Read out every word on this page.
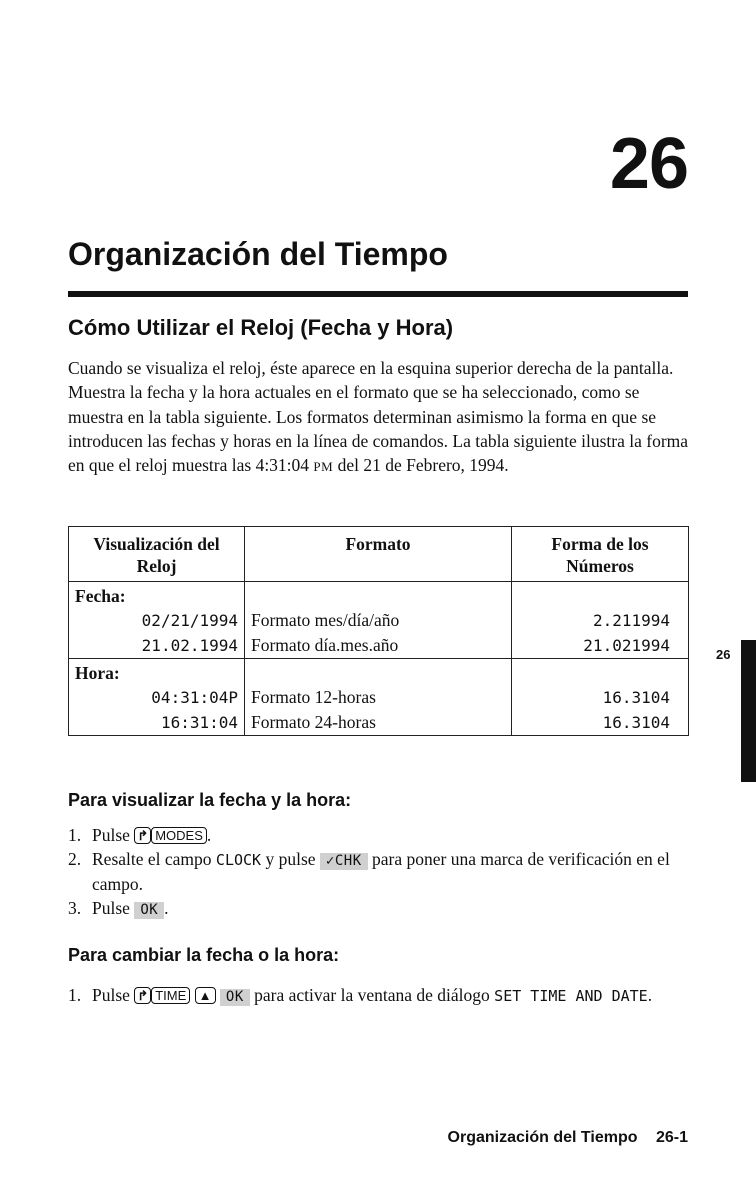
26
Organización del Tiempo
Cómo Utilizar el Reloj (Fecha y Hora)

Cuando se visualiza el reloj, éste aparece en la esquina superior derecha de la pantalla. Muestra la fecha y la hora actuales en el formato que se ha seleccionado, como se muestra en la tabla siguiente. Los formatos determinan asimismo la forma en que se introducen las fechas y horas en la línea de comandos. La tabla siguiente ilustra la forma en que el reloj muestra las 4:31:04 PM del 21 de Febrero, 1994.

Visualización del Reloj	Formato	Forma de los Números
Fecha:		
02/21/1994	Formato mes/día/año	2.211994
21.02.1994	Formato día.mes.año	21.021994
Hora:		
04:31:04P	Formato 12-horas	16.3104
16:31:04	Formato 24-horas	16.3104
26
Para visualizar la fecha y la hora:
1. Pulse ↱ MODES .
2. Resalte el campo CLOCK y pulse ✓CHK para poner una marca de verificación en el campo.
3. Pulse OK .
Para cambiar la fecha o la hora:
1. Pulse ↱ TIME ▲ OK para activar la ventana de diálogo SET TIME AND DATE.
Organización del Tiempo 26-1
